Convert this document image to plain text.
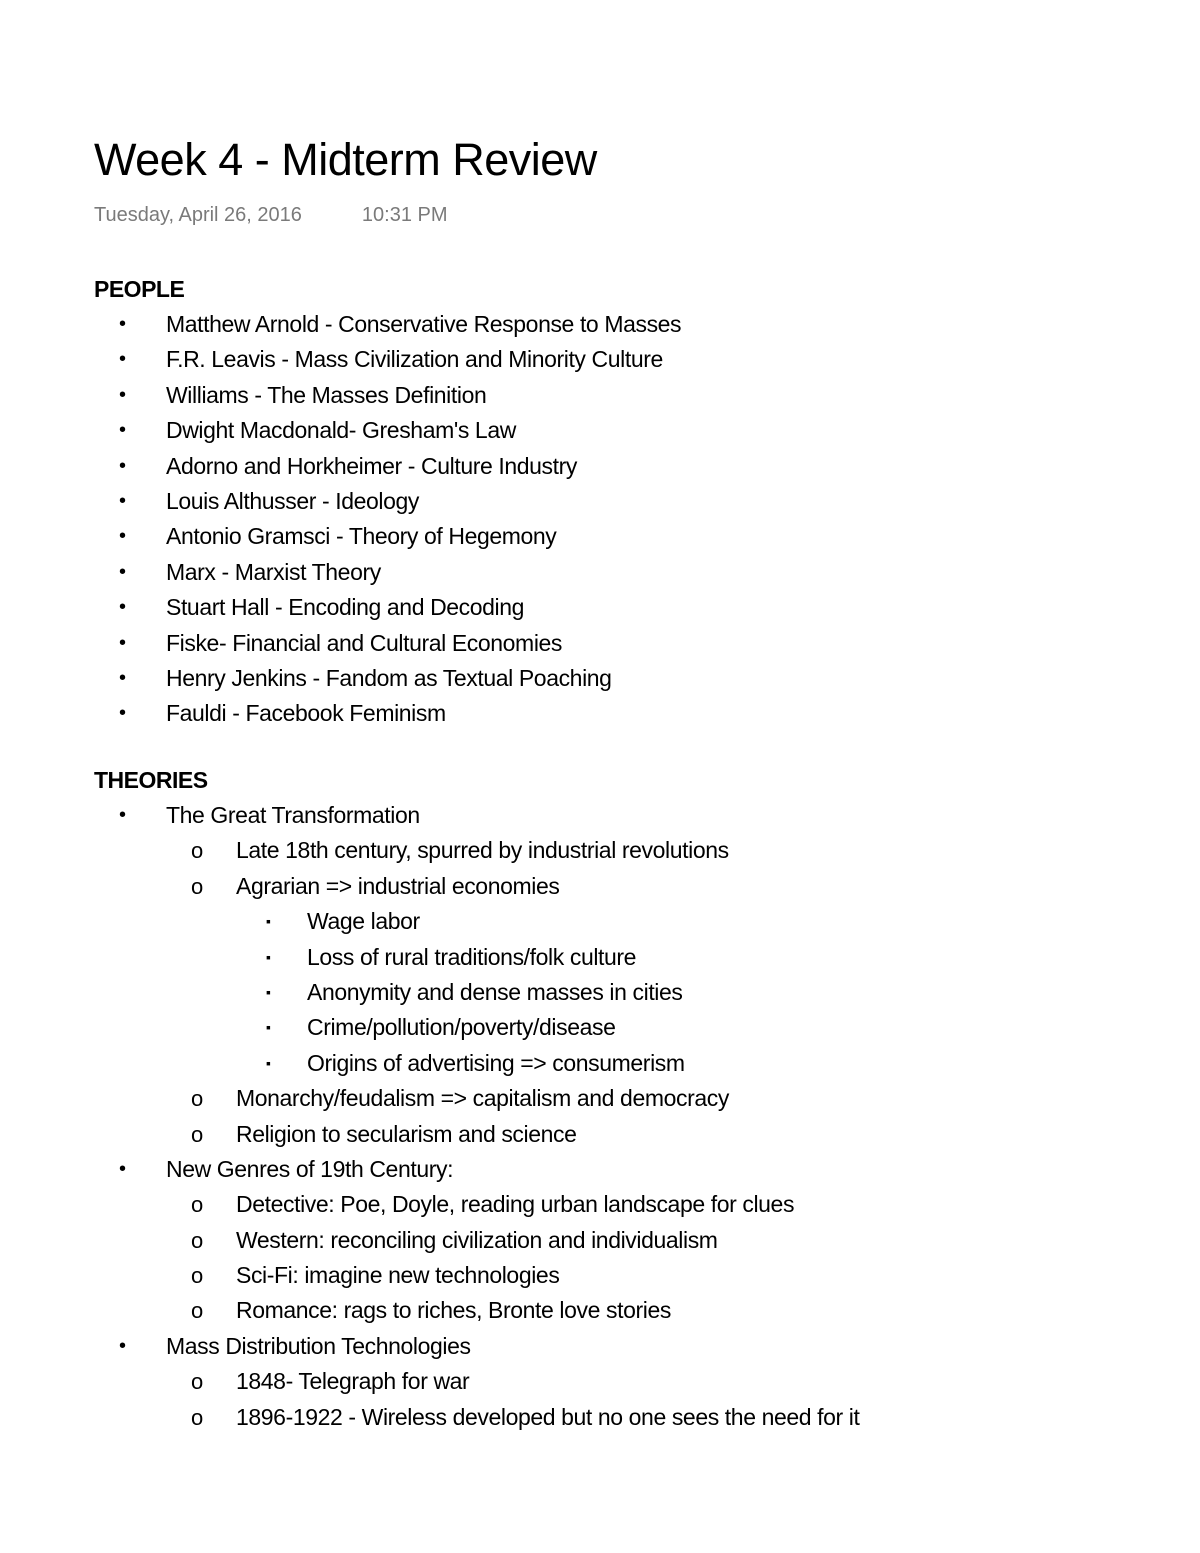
Week 4 - Midterm Review
Tuesday, April 26, 2016	10:31 PM
PEOPLE
• Matthew Arnold - Conservative Response to Masses
• F.R. Leavis - Mass Civilization and Minority Culture
• Williams - The Masses Definition
• Dwight Macdonald- Gresham's Law
• Adorno and Horkheimer - Culture Industry
• Louis Althusser - Ideology
• Antonio Gramsci - Theory of Hegemony
• Marx - Marxist Theory
• Stuart Hall - Encoding and Decoding
• Fiske- Financial and Cultural Economies
• Henry Jenkins - Fandom as Textual Poaching
• Fauldi - Facebook Feminism
THEORIES
• The Great Transformation
o Late 18th century, spurred by industrial revolutions
o Agrarian => industrial economies
▪ Wage labor
▪ Loss of rural traditions/folk culture
▪ Anonymity and dense masses in cities
▪ Crime/pollution/poverty/disease
▪ Origins of advertising => consumerism
o Monarchy/feudalism => capitalism and democracy
o Religion to secularism and science
• New Genres of 19th Century:
o Detective: Poe, Doyle, reading urban landscape for clues
o Western: reconciling civilization and individualism
o Sci-Fi: imagine new technologies
o Romance: rags to riches, Bronte love stories
• Mass Distribution Technologies
o 1848- Telegraph for war
o 1896-1922 - Wireless developed but no one sees the need for it
